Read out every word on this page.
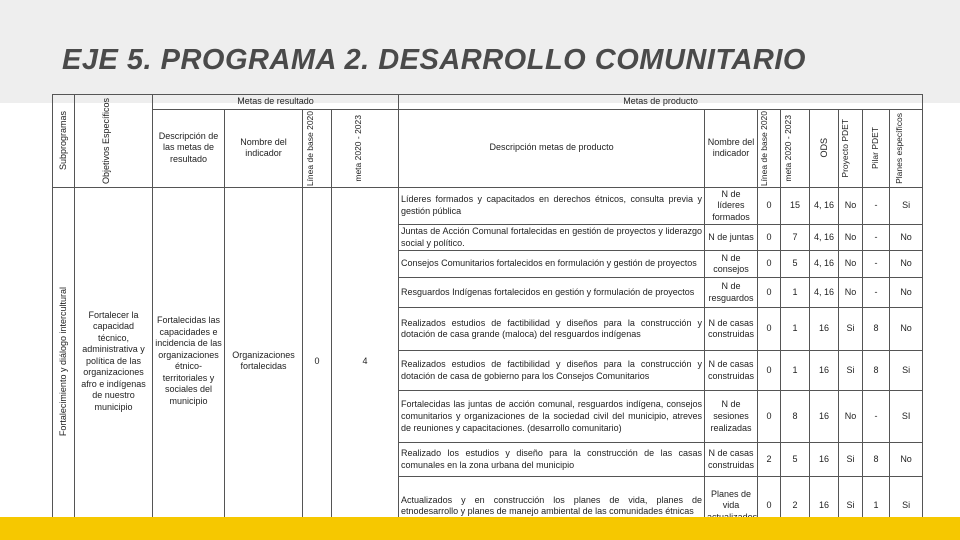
EJE 5. PROGRAMA 2. DESARROLLO COMUNITARIO
Subprogramas	Objetivos Específicos	Metas de resultado				Metas de producto							
		Descripción de las metas de resultado	Nombre del indicador	Línea de base 2020	meta 2020 - 2023	Descripción metas de producto	Nombre del indicador	Línea de base 2020	meta 2020 - 2023	ODS	Proyecto PDET	Pilar PDET	Planes específicos

Fortalecimiento y diálogo intercultural	Fortalecer la capacidad técnico, administrativa y política de las organizaciones afro e indígenas de nuestro municipio	Fortalecidas las capacidades e incidencia de las organizaciones étnico-territoriales y sociales del municipio	Organizaciones fortalecidas	0	4	Líderes formados y capacitados en derechos étnicos, consulta previa y gestión pública	N de líderes formados	0	15	4, 16	No	-	Si
						Juntas de Acción Comunal fortalecidas en gestión de proyectos y liderazgo social y político.	N de juntas	0	7	4, 16	No	-	No
						Consejos Comunitarios fortalecidos en formulación y gestión de proyectos	N de consejos	0	5	4, 16	No	-	No
						Resguardos Indígenas fortalecidos en gestión y formulación de proyectos	N de resguardos	0	1	4, 16	No	-	No
						Realizados estudios de factibilidad y diseños para la construcción y dotación de casa grande (maloca) del resguardos indígenas	N de casas construidas	0	1	16	Si	8	No
						Realizados estudios de factibilidad y diseños para la construcción y dotación de casa de gobierno para los Consejos Comunitarios	N de casas construidas	0	1	16	Si	8	Si
						Fortalecidas las juntas de acción comunal, resguardos indígena, consejos comunitarios y organizaciones de la sociedad civil del municipio, atreves de reuniones y capacitaciones. (desarrollo comunitario)	N de sesiones realizadas	0	8	16	No	-	SI
						Realizado los estudios y diseño para la construcción de las casas comunales en la zona urbana del municipio	N de casas construidas	2	5	16	Si	8	No
						Actualizados y en construcción los planes de vida, planes de etnodesarrollo y planes de manejo ambiental de las comunidades étnicas	Planes de vida	0	2	16	Si	1	Si
